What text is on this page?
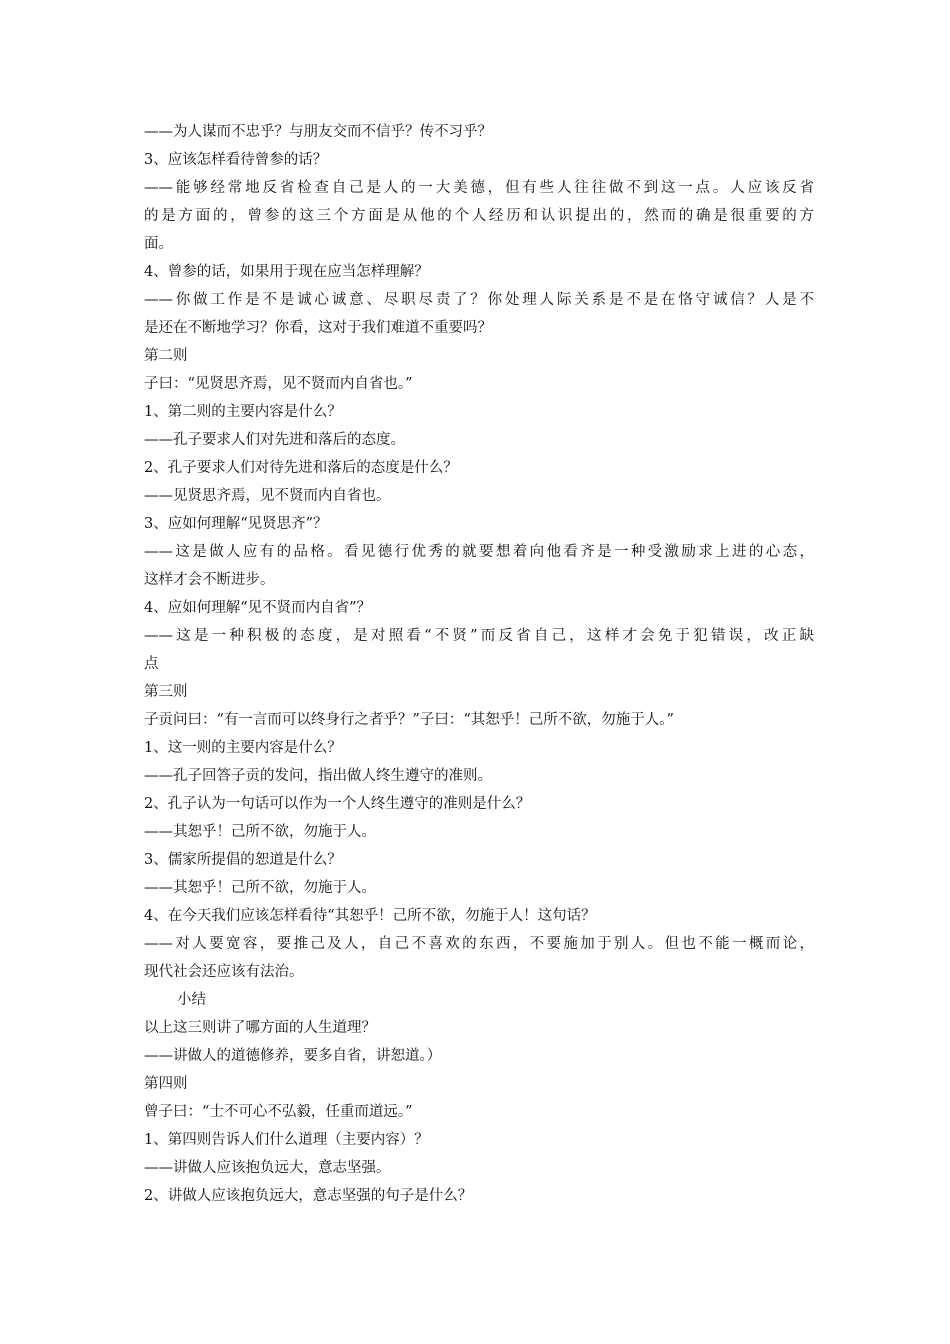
——为人谋而不忠乎？与朋友交而不信乎？传不习乎？
3、应该怎样看待曾参的话？
——能够经常地反省检查自己是人的一大美德，但有些人往往做不到这一点。人应该反省
的是方面的，曾参的这三个方面是从他的个人经历和认识提出的，然而的确是很重要的方
面。
4、曾参的话，如果用于现在应当怎样理解？
——你做工作是不是诚心诚意、尽职尽责了？你处理人际关系是不是在恪守诚信？人是不
是还在不断地学习？你看，这对于我们难道不重要吗？
第二则
子曰：“见贤思齐焉，见不贤而内自省也。”
1、第二则的主要内容是什么？
——孔子要求人们对先进和落后的态度。
2、孔子要求人们对待先进和落后的态度是什么？
——见贤思齐焉，见不贤而内自省也。
3、应如何理解“见贤思齐”？
——这是做人应有的品格。看见德行优秀的就要想着向他看齐是一种受激励求上进的心态，
这样才会不断进步。
4、应如何理解“见不贤而内自省”？
——这是一种积极的态度，是对照看“不贤”而反省自己，这样才会免于犯错误，改正缺
点
第三则
子贡问曰：“有一言而可以终身行之者乎？”子曰：“其恕乎！己所不欲，勿施于人。”
1、这一则的主要内容是什么？
——孔子回答子贡的发问，指出做人终生遵守的准则。
2、孔子认为一句话可以作为一个人终生遵守的准则是什么？
——其恕乎！己所不欲，勿施于人。
3、儒家所提倡的恕道是什么？
——其恕乎！己所不欲，勿施于人。
4、在今天我们应该怎样看待“其恕乎！己所不欲，勿施于人！这句话？
——对人要宽容，要推己及人，自己不喜欢的东西，不要施加于别人。但也不能一概而论，
现代社会还应该有法治。
小结
以上这三则讲了哪方面的人生道理？
——讲做人的道德修养，要多自省，讲恕道。）
第四则
曾子曰：“士不可心不弘毅，任重而道远。”
1、第四则告诉人们什么道理（主要内容）？
——讲做人应该抱负远大，意志坚强。
2、讲做人应该抱负远大，意志坚强的句子是什么？
